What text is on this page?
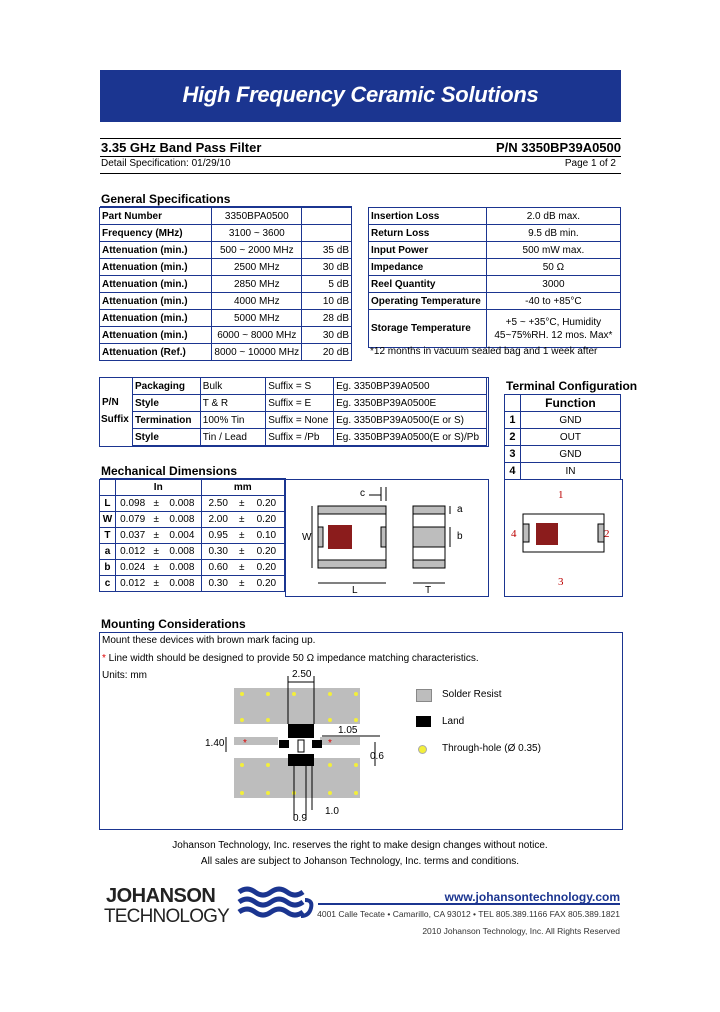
High Frequency Ceramic Solutions
3.35 GHz Band Pass Filter	P/N 3350BP39A0500
Detail Specification: 01/29/10	Page 1 of 2
General Specifications
Part Number	3350BPA0500	
Frequency (MHz)	3100 ~ 3600	
Attenuation (min.)	500 ~ 2000 MHz	35 dB
Attenuation (min.)	2500 MHz	30 dB
Attenuation (min.)	2850 MHz	5 dB
Attenuation (min.)	4000 MHz	10 dB
Attenuation (min.)	5000 MHz	28 dB
Attenuation (min.)	6000 ~ 8000 MHz	30 dB
Attenuation (Ref.)	8000 ~ 10000 MHz	20 dB
Insertion Loss	2.0 dB max.
Return Loss	9.5 dB min.
Input Power	500 mW max.
Impedance	50 Ω
Reel Quantity	3000
Operating Temperature	-40 to +85°C
Storage Temperature	+5 ~ +35°C, Humidity
45~75%RH. 12 mos. Max*
*12 months in vacuum sealed bag and 1 week after
P/N
Suffix
Packaging	Bulk	Suffix = S	Eg. 3350BP39A0500
Style	T & R	Suffix = E	Eg. 3350BP39A0500E
Termination	100% Tin	Suffix = None	Eg. 3350BP39A0500(E or S)
Style	Tin / Lead	Suffix = /Pb	Eg. 3350BP39A0500(E or S)/Pb
Terminal Configuration
	Function
1	GND
2	OUT
3	GND
4	IN
1
2
3
4
Mechanical Dimensions
	In			mm		
L	0.098	±	0.008	2.50	±	0.20
W	0.079	±	0.008	2.00	±	0.20
T	0.037	±	0.004	0.95	±	0.10
a	0.012	±	0.008	0.30	±	0.20
b	0.024	±	0.008	0.60	±	0.20
c	0.012	±	0.008	0.30	±	0.20
c
W
L
a
b
T
Mounting Considerations
Mount these devices with brown mark facing up.
* Line width should be designed to provide 50 Ω impedance matching characteristics.
Units: mm	2.50
1.05
1.40 *	*
0.6
1.0
0.9
Solder Resist
Land
Through-hole (Ø 0.35)
Johanson Technology, Inc. reserves the right to make design changes without notice.
All sales are subject to Johanson Technology, Inc. terms and conditions.
JOHANSON
TECHNOLOGY
www.johansontechnology.com
4001 Calle Tecate • Camarillo, CA 93012 • TEL 805.389.1166 FAX 805.389.1821
2010 Johanson Technology, Inc. All Rights Reserved
